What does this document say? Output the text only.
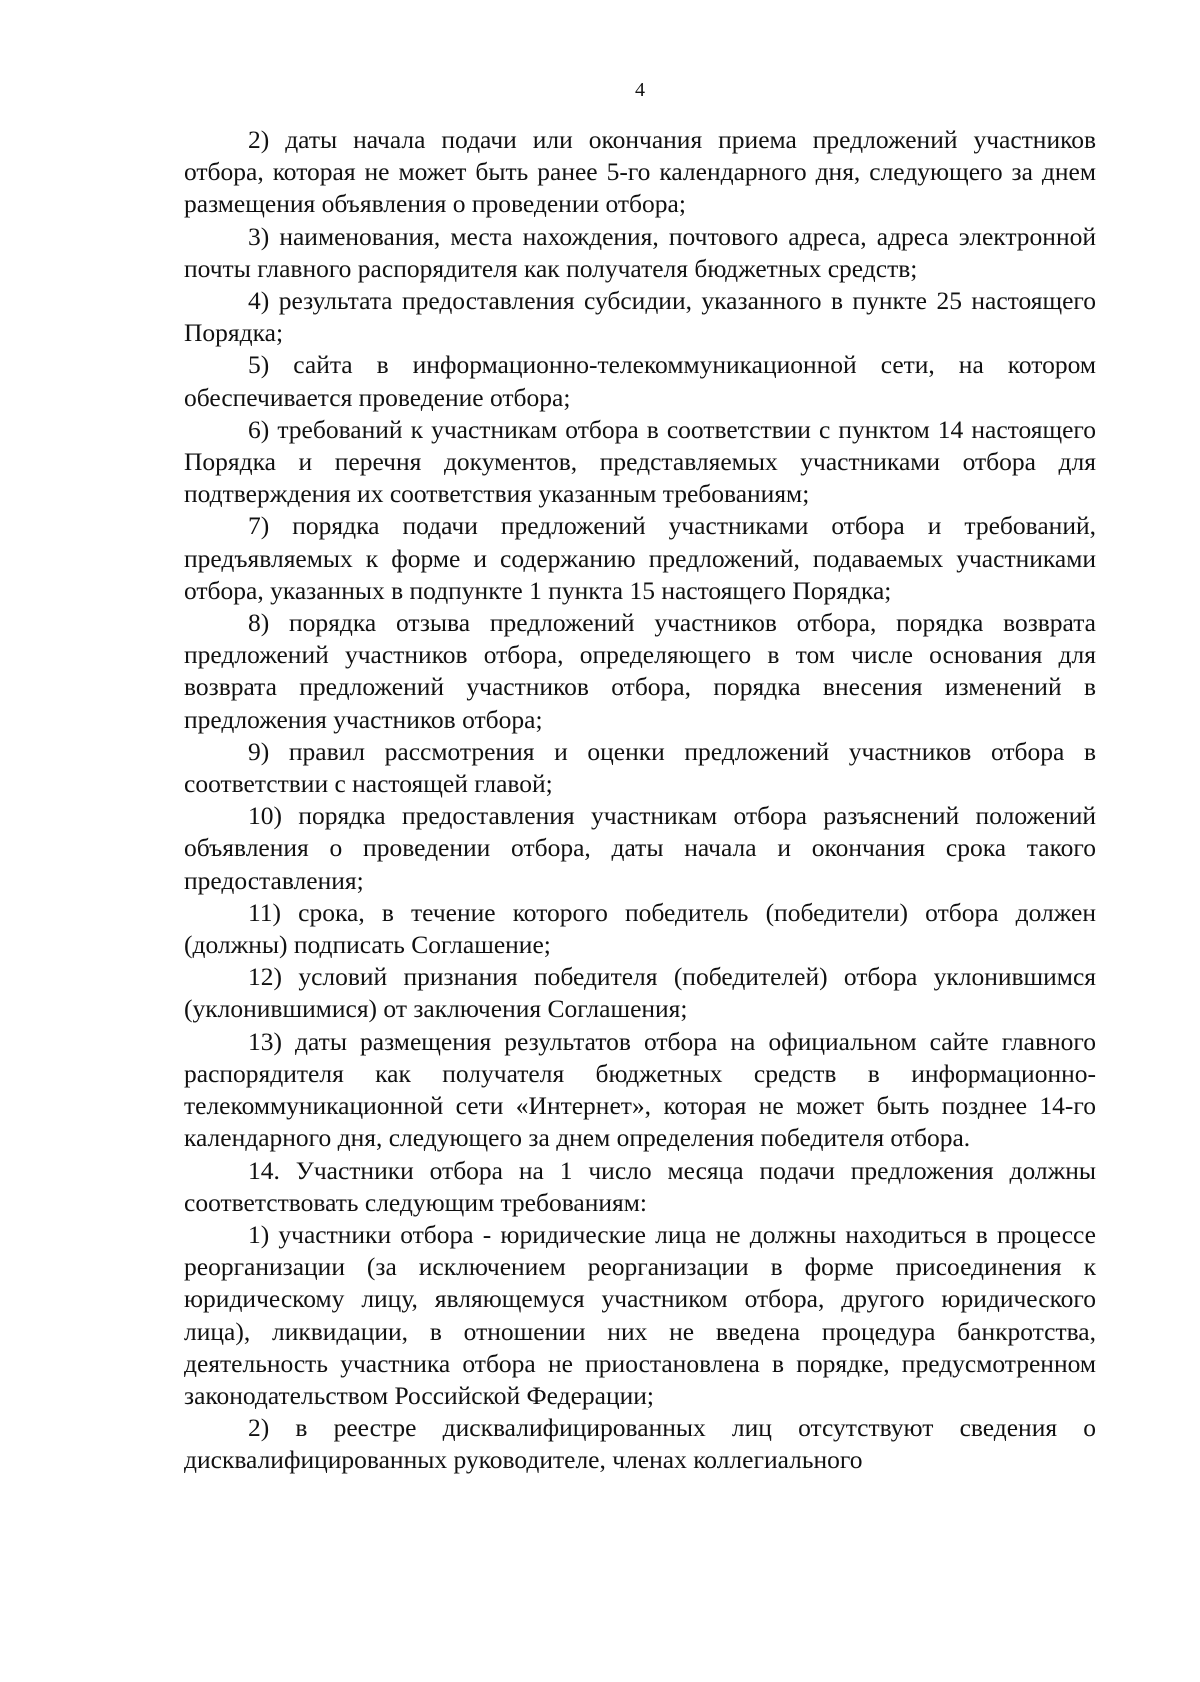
4

2) даты начала подачи или окончания приема предложений участников отбора, которая не может быть ранее 5-го календарного дня, следующего за днем размещения объявления о проведении отбора;

3) наименования, места нахождения, почтового адреса, адреса электронной почты главного распорядителя как получателя бюджетных средств;

4) результата предоставления субсидии, указанного в пункте 25 настоящего Порядка;

5) сайта в информационно-телекоммуникационной сети, на котором обеспечивается проведение отбора;

6) требований к участникам отбора в соответствии с пунктом 14 настоящего Порядка и перечня документов, представляемых участниками отбора для подтверждения их соответствия указанным требованиям;

7) порядка подачи предложений участниками отбора и требований, предъявляемых к форме и содержанию предложений, подаваемых участниками отбора, указанных в подпункте 1 пункта 15 настоящего Порядка;

8) порядка отзыва предложений участников отбора, порядка возврата предложений участников отбора, определяющего в том числе основания для возврата предложений участников отбора, порядка внесения изменений в предложения участников отбора;

9) правил рассмотрения и оценки предложений участников отбора в соответствии с настоящей главой;

10) порядка предоставления участникам отбора разъяснений положений объявления о проведении отбора, даты начала и окончания срока такого предоставления;

11) срока, в течение которого победитель (победители) отбора должен (должны) подписать Соглашение;

12) условий признания победителя (победителей) отбора уклонившимся (уклонившимися) от заключения Соглашения;

13) даты размещения результатов отбора на официальном сайте главного распорядителя как получателя бюджетных средств в информационно-телекоммуникационной сети «Интернет», которая не может быть позднее 14-го календарного дня, следующего за днем определения победителя отбора.

14. Участники отбора на 1 число месяца подачи предложения должны соответствовать следующим требованиям:

1) участники отбора - юридические лица не должны находиться в процессе реорганизации (за исключением реорганизации в форме присоединения к юридическому лицу, являющемуся участником отбора, другого юридического лица), ликвидации, в отношении них не введена процедура банкротства, деятельность участника отбора не приостановлена в порядке, предусмотренном законодательством Российской Федерации;

2) в реестре дисквалифицированных лиц отсутствуют сведения о дисквалифицированных руководителе, членах коллегиального
